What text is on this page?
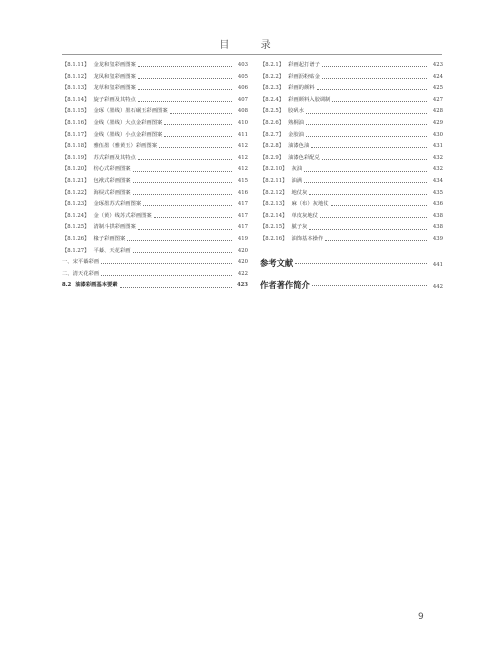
目 录
【8.1.11】 金龙和玺彩画图案	403
【8.1.12】 龙凤和玺彩画图案	405
【8.1.13】 龙草和玺彩画图案	406
【8.1.14】 旋子彩画及其特点	407
【8.1.15】 金琢（墨线）墨石碾玉彩画图案	408
【8.1.16】 金线（墨线）大点金彩画图案	410
【8.1.17】 金线（墨线）小点金彩画图案	411
【8.1.18】 雅伍墨（雅黄玉）彩画图案	412
【8.1.19】 苏式彩画及其特点	412
【8.1.20】 枋心式彩画图案	412
【8.1.21】 包袱式彩画图案	415
【8.1.22】 海棂式彩画图案	416
【8.1.23】 金琢墨苏式彩画图案	417
【8.1.24】 金（黄）线苏式彩画图案	417
【8.1.25】 清制斗拱彩画图案	417
【8.1.26】 椽子彩画图案	419
【8.1.27】 平綦、天花彩画	420
一、宋平綦彩画	420
二、清天花彩画	422
8.2 油漆彩画基本要素	423
【8.2.1】 彩画起打谱子	423
【8.2.2】 彩画沥粉贴金	424
【8.2.3】 彩画的颜料	425
【8.2.4】 彩画颜料入胶调制	427
【8.2.5】 胶矾水	428
【8.2.6】 熟桐油	429
【8.2.7】 金胶油	430
【8.2.8】 油漆色油	431
【8.2.9】 油漆色彩配兑	432
【8.2.10】 灰油	432
【8.2.11】 油满	434
【8.2.12】 地仗灰	435
【8.2.13】 麻（布）灰地仗	436
【8.2.14】 单皮灰地仗	438
【8.2.15】 腻子灰	438
【8.2.16】 油饰基本操作	439
参考文献	441
作者著作简介	442
9
